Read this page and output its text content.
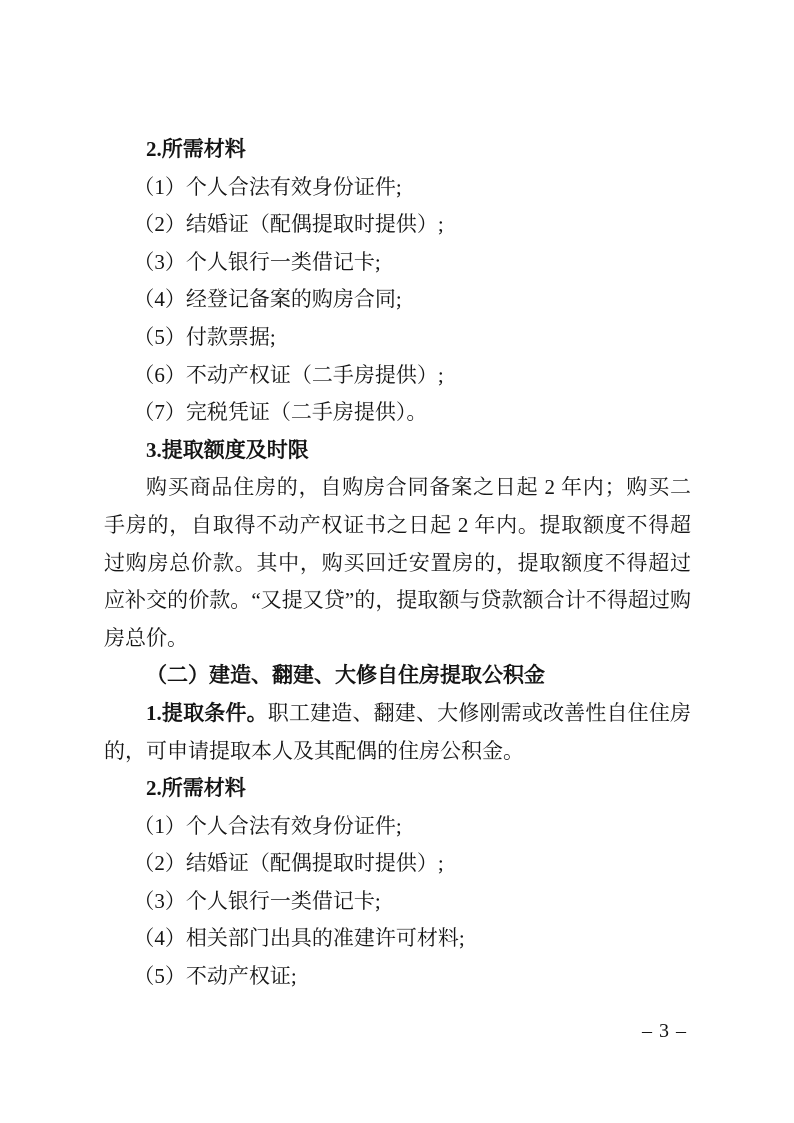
2.所需材料

（1）个人合法有效身份证件;

（2）结婚证（配偶提取时提供）;

（3）个人银行一类借记卡;

（4）经登记备案的购房合同;

（5）付款票据;

（6）不动产权证（二手房提供）;

（7）完税凭证（二手房提供）。

3.提取额度及时限

购买商品住房的，自购房合同备案之日起 2 年内；购买二手房的，自取得不动产权证书之日起 2 年内。提取额度不得超过购房总价款。其中，购买回迁安置房的，提取额度不得超过应补交的价款。“又提又贷”的，提取额与贷款额合计不得超过购房总价。

（二）建造、翻建、大修自住房提取公积金

1.提取条件。职工建造、翻建、大修刚需或改善性自住住房的，可申请提取本人及其配偶的住房公积金。

2.所需材料

（1）个人合法有效身份证件;

（2）结婚证（配偶提取时提供）;

（3）个人银行一类借记卡;

（4）相关部门出具的准建许可材料;

（5）不动产权证;

– 3 –
